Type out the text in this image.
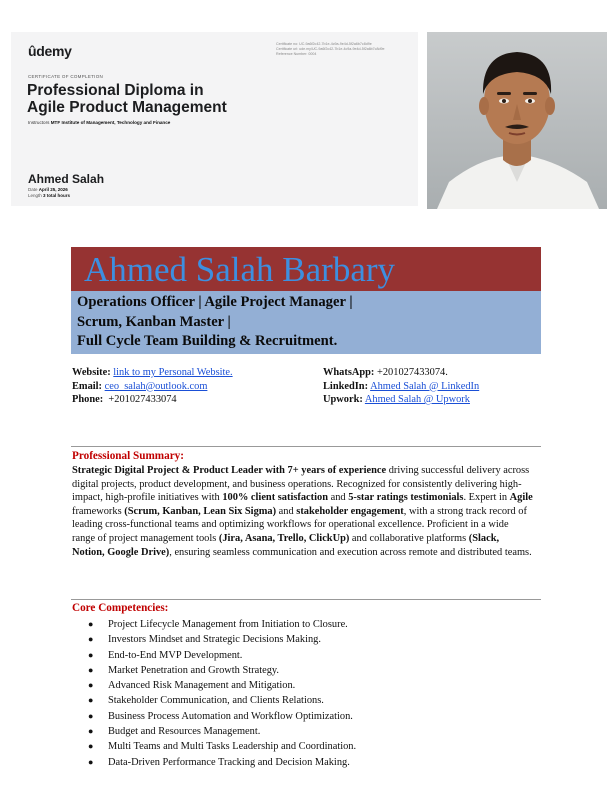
ûdemy	Certificate no: UC-9a6f2c42-7b1e-4c9a-9e4d-5f2a6b7c8d9e
Certificate url: ude.my/UC-9a6f2c42-7b1e-4c9a-9e4d-5f2a6b7c8d9e
Reference Number: 0004
CERTIFICATE OF COMPLETION
Professional Diploma in
Agile Product Management
Instructors MTF Institute of Management, Technology and Finance
Ahmed Salah
Date April 25, 2026
Length 3 total hours
Ahmed Salah Barbary
Operations Officer | Agile Project Manager |
Scrum, Kanban Master |
Full Cycle Team Building & Recruitment.
Website: link to my Personal Website.
Email: ceo_salah@outlook.com
Phone: +201027433074
WhatsApp: +201027433074.
LinkedIn: Ahmed Salah @ LinkedIn
Upwork: Ahmed Salah @ Upwork
Professional Summary:
Strategic Digital Project & Product Leader with 7+ years of experience driving successful delivery across digital projects, product development, and business operations. Recognized for consistently delivering high-impact, high-profile initiatives with 100% client satisfaction and 5-star ratings testimonials. Expert in Agile frameworks (Scrum, Kanban, Lean Six Sigma) and stakeholder engagement, with a strong track record of leading cross-functional teams and optimizing workflows for operational excellence. Proficient in a wide range of project management tools (Jira, Asana, Trello, ClickUp) and collaborative platforms (Slack, Notion, Google Drive), ensuring seamless communication and execution across remote and distributed teams.
Core Competencies:
● Project Lifecycle Management from Initiation to Closure.
● Investors Mindset and Strategic Decisions Making.
● End-to-End MVP Development.
● Market Penetration and Growth Strategy.
● Advanced Risk Management and Mitigation.
● Stakeholder Communication, and Clients Relations.
● Business Process Automation and Workflow Optimization.
● Budget and Resources Management.
● Multi Teams and Multi Tasks Leadership and Coordination.
● Data-Driven Performance Tracking and Decision Making.
